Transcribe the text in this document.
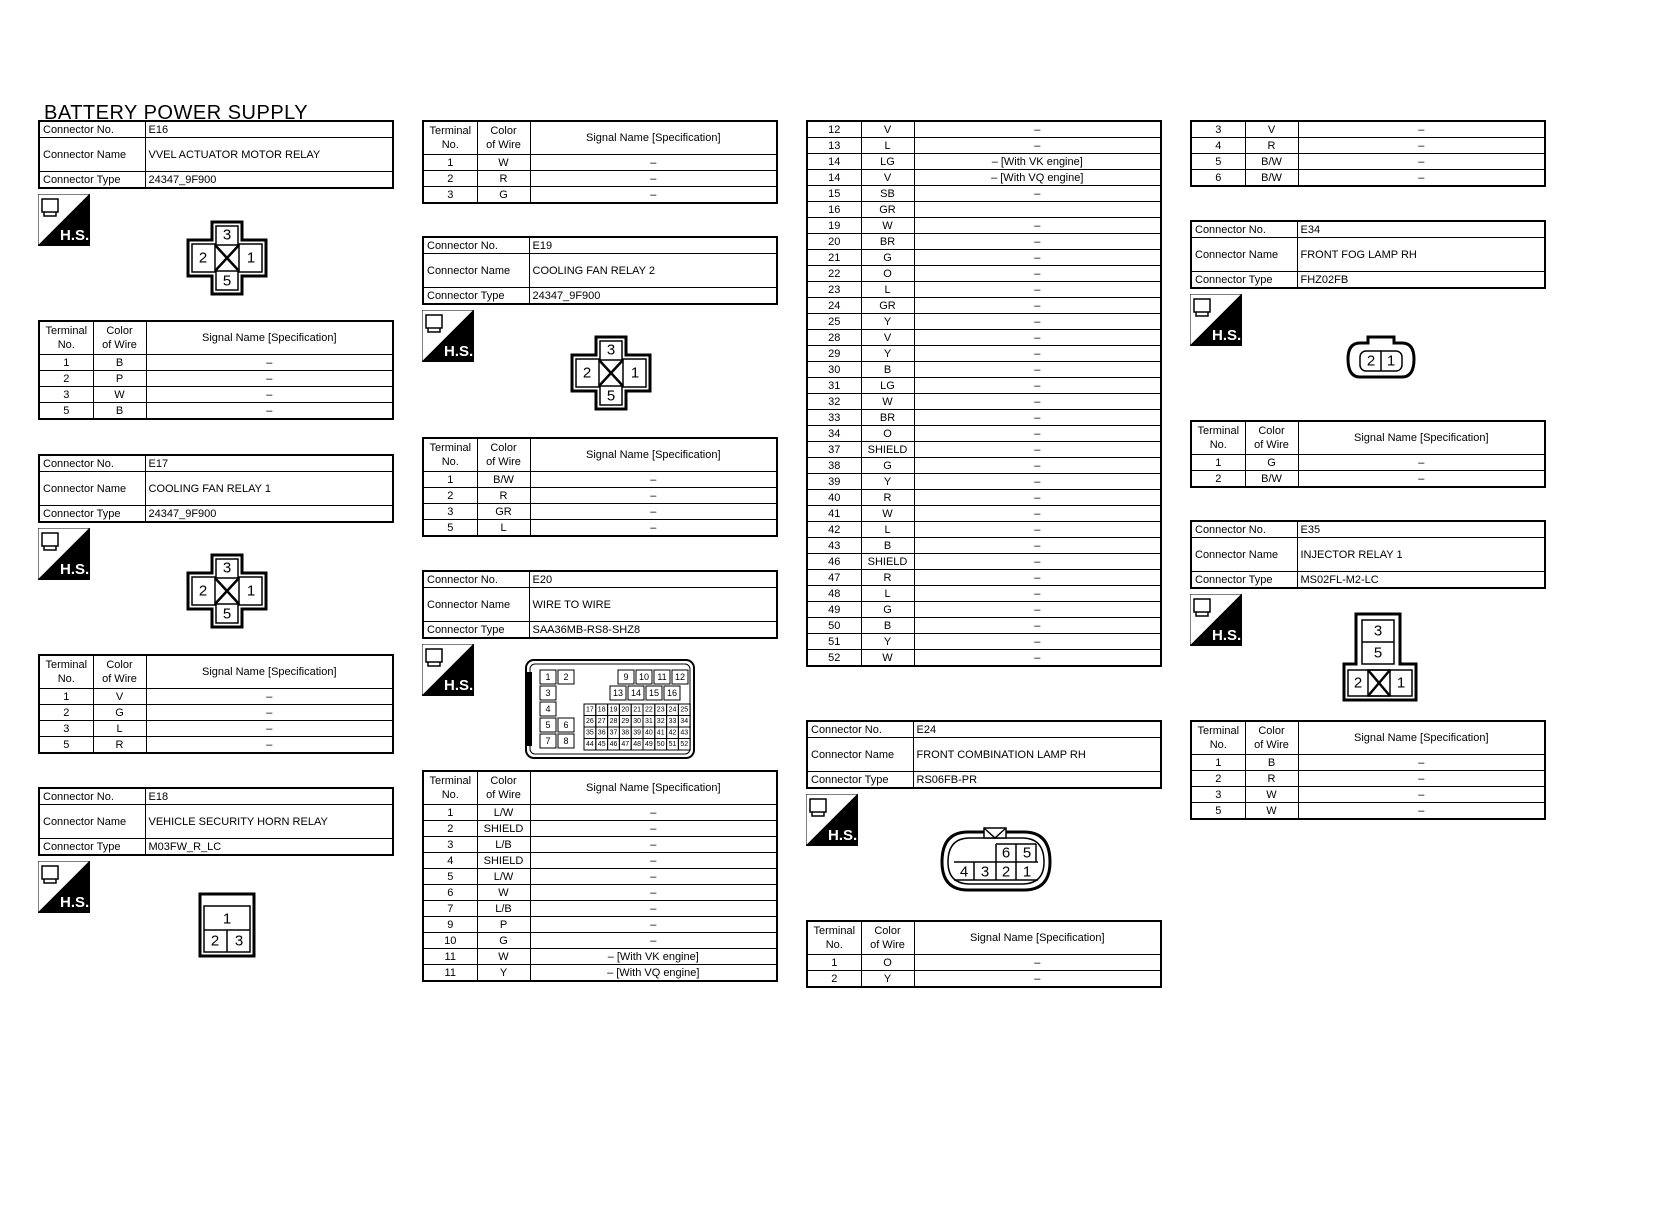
BATTERY POWER SUPPLY
Connector No.	E16
Connector Name	VVEL ACTUATOR MOTOR RELAY
Connector Type	24347_9F900
H.S.	3
2	1
5
Terminal
No.	Color
of Wire	Signal Name [Specification]
1	B	–
2	P	–
3	W	–
5	B	–
Connector No.	E17
Connector Name	COOLING FAN RELAY 1
Connector Type	24347_9F900
H.S.	3
2	1
5
Terminal
No.	Color
of Wire	Signal Name [Specification]
1	V	–
2	G	–
3	L	–
5	R	–
Connector No.	E18
Connector Name	VEHICLE SECURITY HORN RELAY
Connector Type	M03FW_R_LC
H.S.
1
2 3
Terminal
No.	Color
of Wire	Signal Name [Specification]
1	W	–
2	R	–
3	G	–
Connector No.	E19
Connector Name	COOLING FAN RELAY 2
Connector Type	24347_9F900
H.S.	3
2	1
5
Terminal
No.	Color
of Wire	Signal Name [Specification]
1	B/W	–
2	R	–
3	GR	–
5	L	–
Connector No.	E20
Connector Name	WIRE TO WIRE
Connector Type	SAA36MB-RS8-SHZ8
H.S.	1 2
3
4
5 6
7 8
9 10 11 12
13 14 15 16
17 18 19 20 21 22 23 24 25
26 27 28 29 30 31 32 33 34
35 36 37 38 39 40 41 42 43
44 45 46 47 48 49 50 51 52
Terminal
No.	Color
of Wire	Signal Name [Specification]
1	L/W	–
2	SHIELD	–
3	L/B	–
4	SHIELD	–
5	L/W	–
6	W	–
7	L/B	–
9	P	–
10	G	–
11	W	– [With VK engine]
11	Y	– [With VQ engine]
12	V	–
13	L	–
14	LG	– [With VK engine]
14	V	– [With VQ engine]
15	SB	–
16	GR	
19	W	–
20	BR	–
21	G	–
22	O	–
23	L	–
24	GR	–
25	Y	–
28	V	–
29	Y	–
30	B	–
31	LG	–
32	W	–
33	BR	–
34	O	–
37	SHIELD	–
38	G	–
39	Y	–
40	R	–
41	W	–
42	L	–
43	B	–
46	SHIELD	–
47	R	–
48	L	–
49	G	–
50	B	–
51	Y	–
52	W	–
Connector No.	E24
Connector Name	FRONT COMBINATION LAMP RH
Connector Type	RS06FB-PR
H.S.
6 5
4 3 2 1
Terminal
No.	Color
of Wire	Signal Name [Specification]
1	O	–
2	Y	–
3	V	–
4	R	–
5	B/W	–
6	B/W	–
Connector No.	E34
Connector Name	FRONT FOG LAMP RH
Connector Type	FHZ02FB
H.S.
2 1
Terminal
No.	Color
of Wire	Signal Name [Specification]
1	G	–
2	B/W	–
Connector No.	E35
Connector Name	INJECTOR RELAY 1
Connector Type	MS02FL-M2-LC
H.S.	3
5
2 1
Terminal
No.	Color
of Wire	Signal Name [Specification]
1	B	–
2	R	–
3	W	–
5	W	–
